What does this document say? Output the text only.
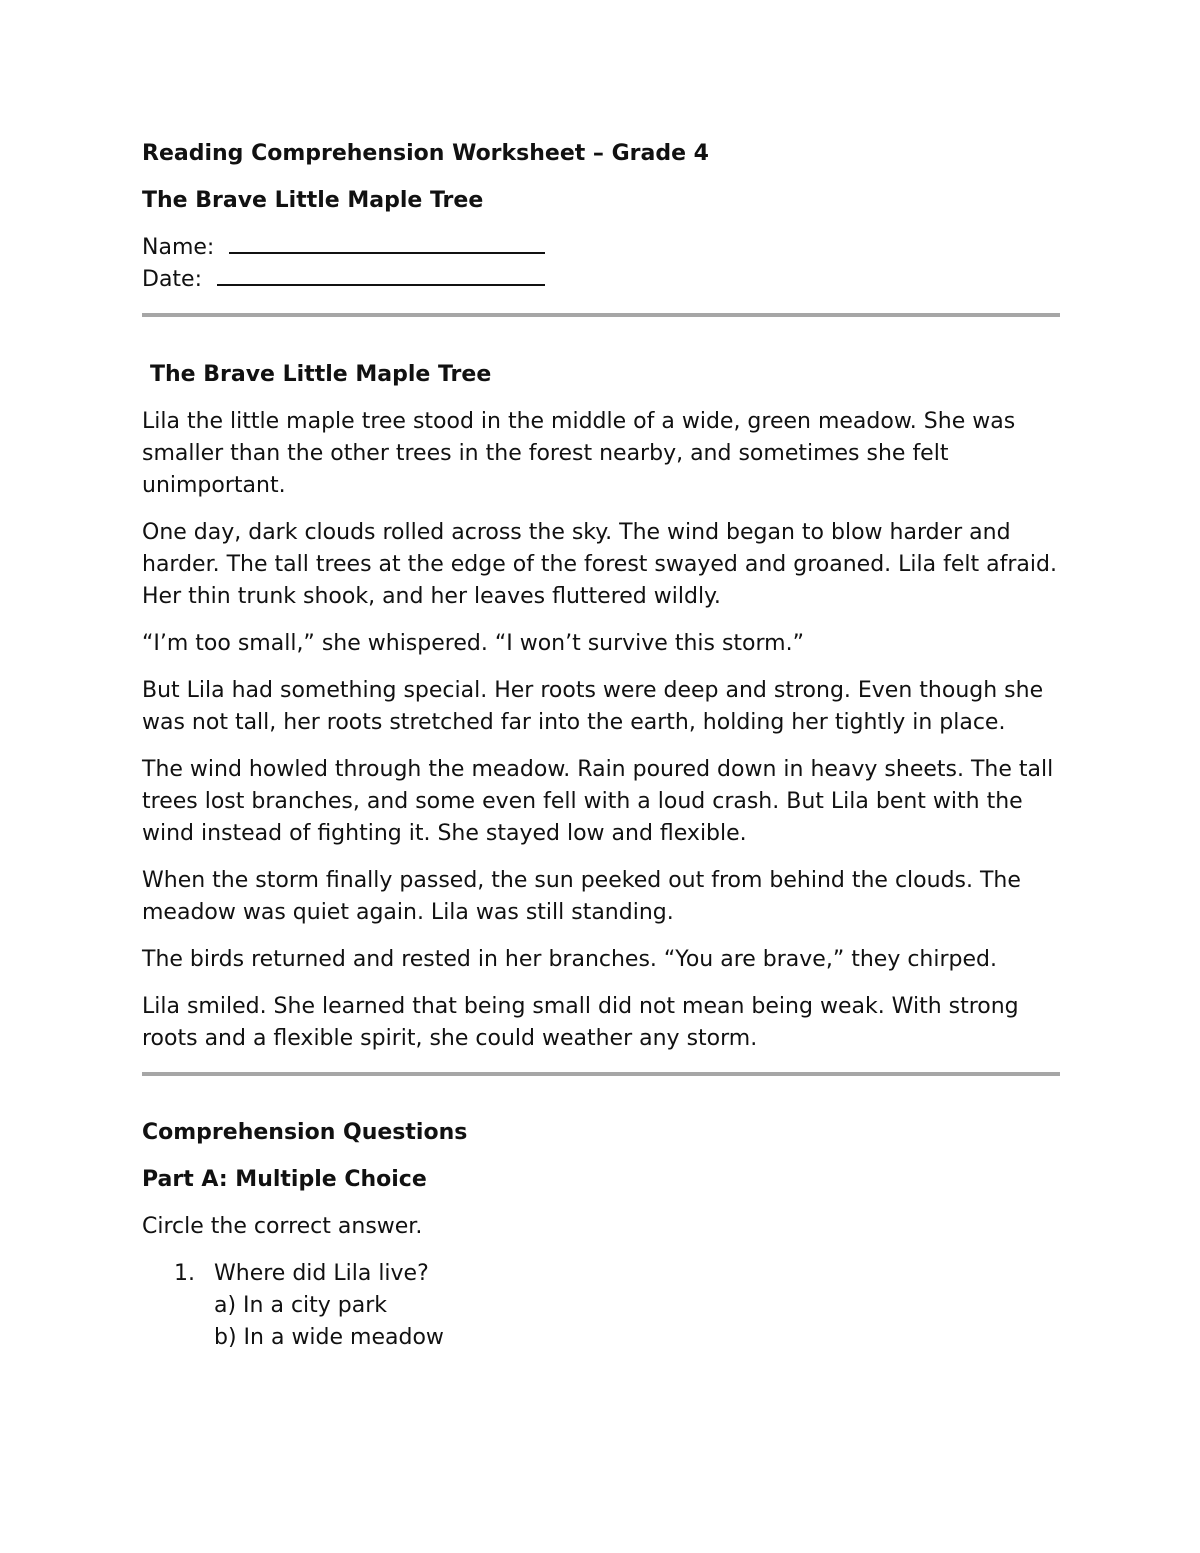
Reading Comprehension Worksheet – Grade 4
The Brave Little Maple Tree
Name:
Date:
The Brave Little Maple Tree
Lila the little maple tree stood in the middle of a wide, green meadow. She was smaller than the other trees in the forest nearby, and sometimes she felt unimportant.
One day, dark clouds rolled across the sky. The wind began to blow harder and harder. The tall trees at the edge of the forest swayed and groaned. Lila felt afraid. Her thin trunk shook, and her leaves fluttered wildly.
“I’m too small,” she whispered. “I won’t survive this storm.”
But Lila had something special. Her roots were deep and strong. Even though she was not tall, her roots stretched far into the earth, holding her tightly in place.
The wind howled through the meadow. Rain poured down in heavy sheets. The tall trees lost branches, and some even fell with a loud crash. But Lila bent with the wind instead of fighting it. She stayed low and flexible.
When the storm finally passed, the sun peeked out from behind the clouds. The meadow was quiet again. Lila was still standing.
The birds returned and rested in her branches. “You are brave,” they chirped.
Lila smiled. She learned that being small did not mean being weak. With strong roots and a flexible spirit, she could weather any storm.
Comprehension Questions
Part A: Multiple Choice
Circle the correct answer.
1. Where did Lila live?
a) In a city park
b) In a wide meadow
